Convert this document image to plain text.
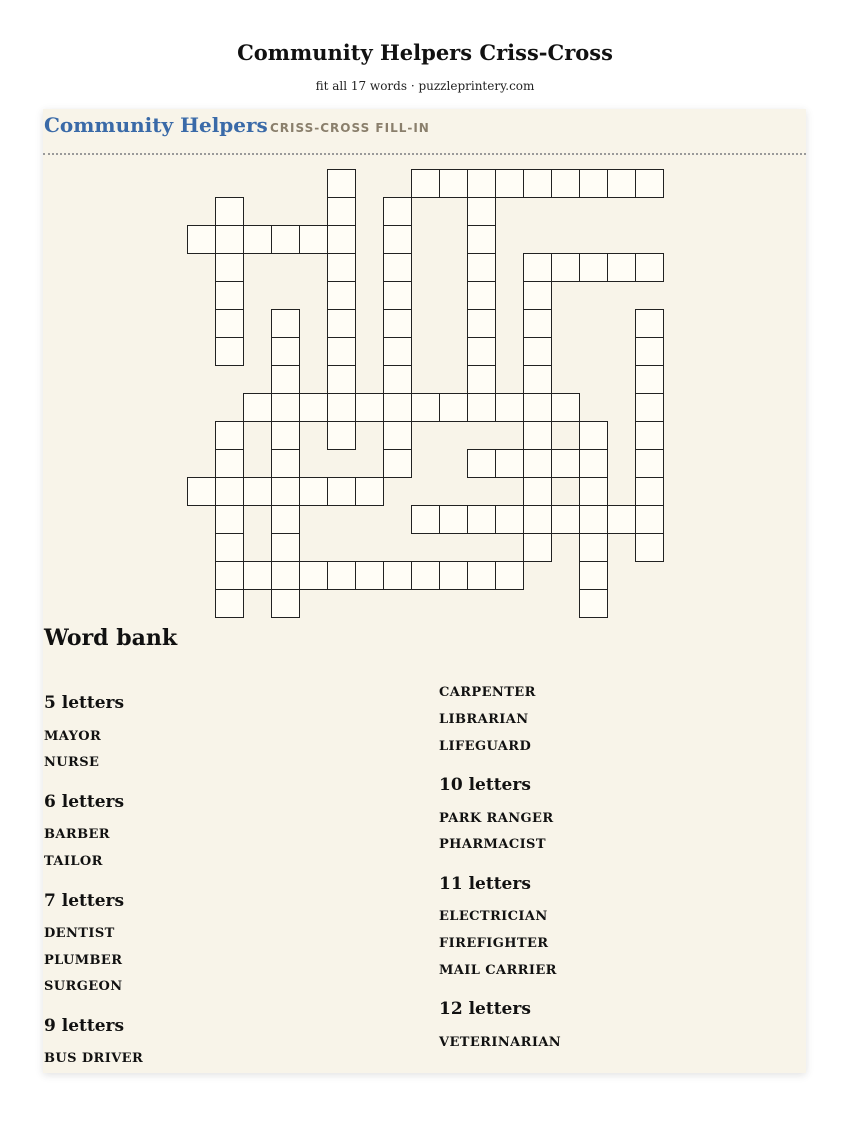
Community Helpers Criss-Cross
fit all 17 words · puzzleprintery.com
Community Helpers CRISS-CROSS FILL-IN
Word bank
5 letters
MAYOR
NURSE
6 letters
BARBER
TAILOR
7 letters
DENTIST
PLUMBER
SURGEON
9 letters
BUS DRIVER
CARPENTER
LIBRARIAN
LIFEGUARD
10 letters
PARK RANGER
PHARMACIST
11 letters
ELECTRICIAN
FIREFIGHTER
MAIL CARRIER
12 letters
VETERINARIAN
